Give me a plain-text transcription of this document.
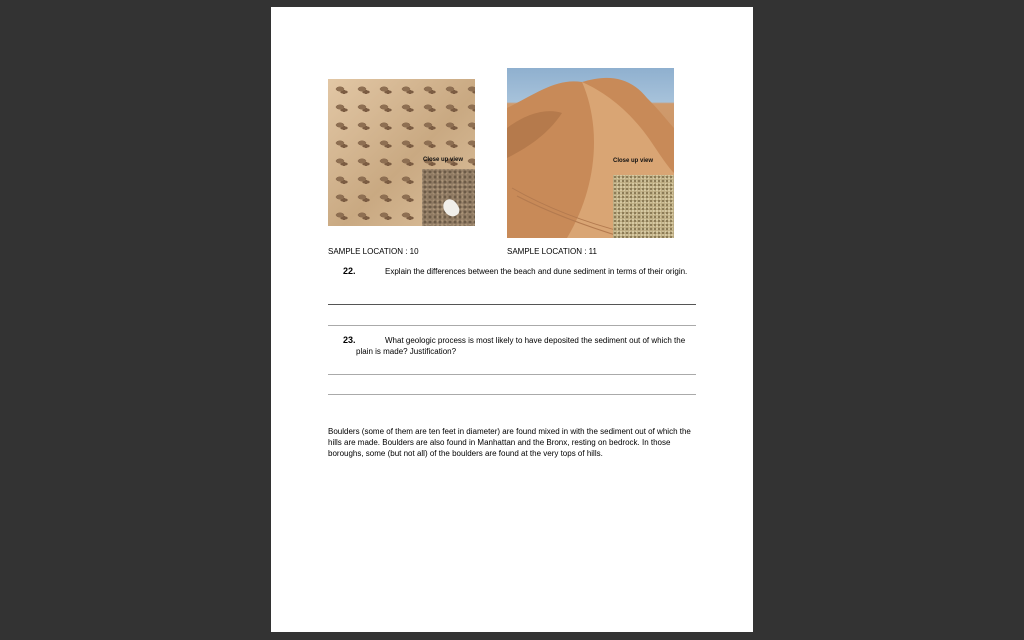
Close up view	Close up view
SAMPLE LOCATION : 10	SAMPLE LOCATION : 11
22.	Explain the differences between the beach and dune sediment in terms of their origin.
23.	What geologic process is most likely to have deposited the sediment out of which the plain is made? Justification?
Boulders (some of them are ten feet in diameter) are found mixed in with the sediment out of which the hills are made. Boulders are also found in Manhattan and the Bronx, resting on bedrock. In those boroughs, some (but not all) of the boulders are found at the very tops of hills.
